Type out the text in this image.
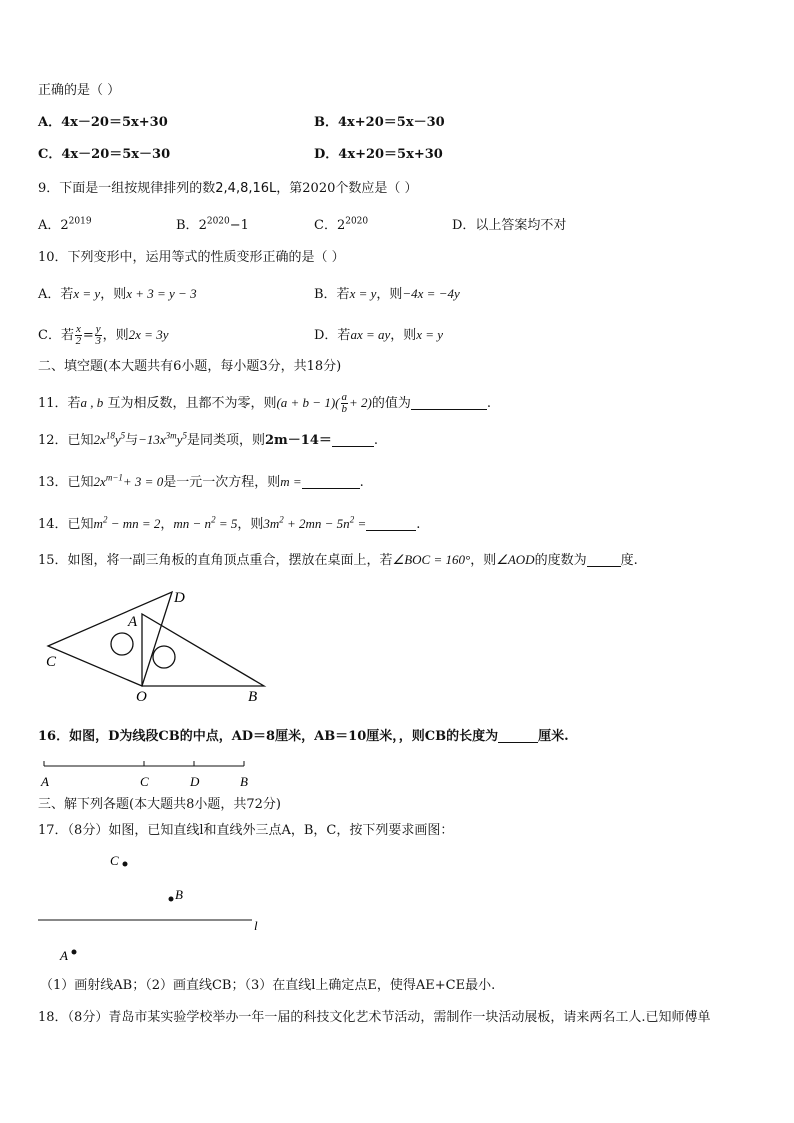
正确的是（ ）
A．4x－20＝5x+30	B．4x+20＝5x－30
C．4x－20＝5x－30	D．4x+20＝5x+30
9．下面是一组按规律排列的数2,4,8,16L，第2020个数应是（ ）
A．$2^{2019}$	B．$2^{2020}-1$	C．$2^{2020}$	D．以上答案均不对
10．下列变形中，运用等式的性质变形正确的是（ ）
A．若x = y，则x + 3 = y − 3	B．若x = y，则−4x = −4y
C．若 $\frac{x}{2} = \frac{y}{3}$ ，则2x = 3y	D．若ax = ay，则x = y
二、填空题(本大题共有6小题，每小题3分，共18分)
11．若a , b 互为相反数，且都不为零，则$(a + b - 1)( \frac{a}{b} + 2)$的值为	.
12．已知$2x^{18}y^5$与$-13x^{3m}y^5$是同类项，则2m－14＝	.
13．已知$2x^{m-1}+ 3 = 0$是一元一次方程，则m =	.
14．已知$m^2$ − mn = 2，mn − $n^2 = 5$，则$3m^2 + 2mn - 5n^2$ =	.
15．如图，将一副三角板的直角顶点重合，摆放在桌面上，若∠BOC = 160°，则∠AOD的度数为	度.
D
A
C
O	B
16．如图，D为线段CB的中点，AD＝8厘米，AB＝10厘米，，则CB的长度为	厘米.
A	C	D	B
三、解下列各题(本大题共8小题，共72分)
17．（8分）如图，已知直线l和直线外三点A，B，C，按下列要求画图：
l
C
B
A
（1）画射线AB；（2）画直线CB；（3）在直线l上确定点E，使得AE+CE最小.
18．（8分）青岛市某实验学校举办一年一届的科技文化艺术节活动，需制作一块活动展板，请来两名工人.已知师傅单
